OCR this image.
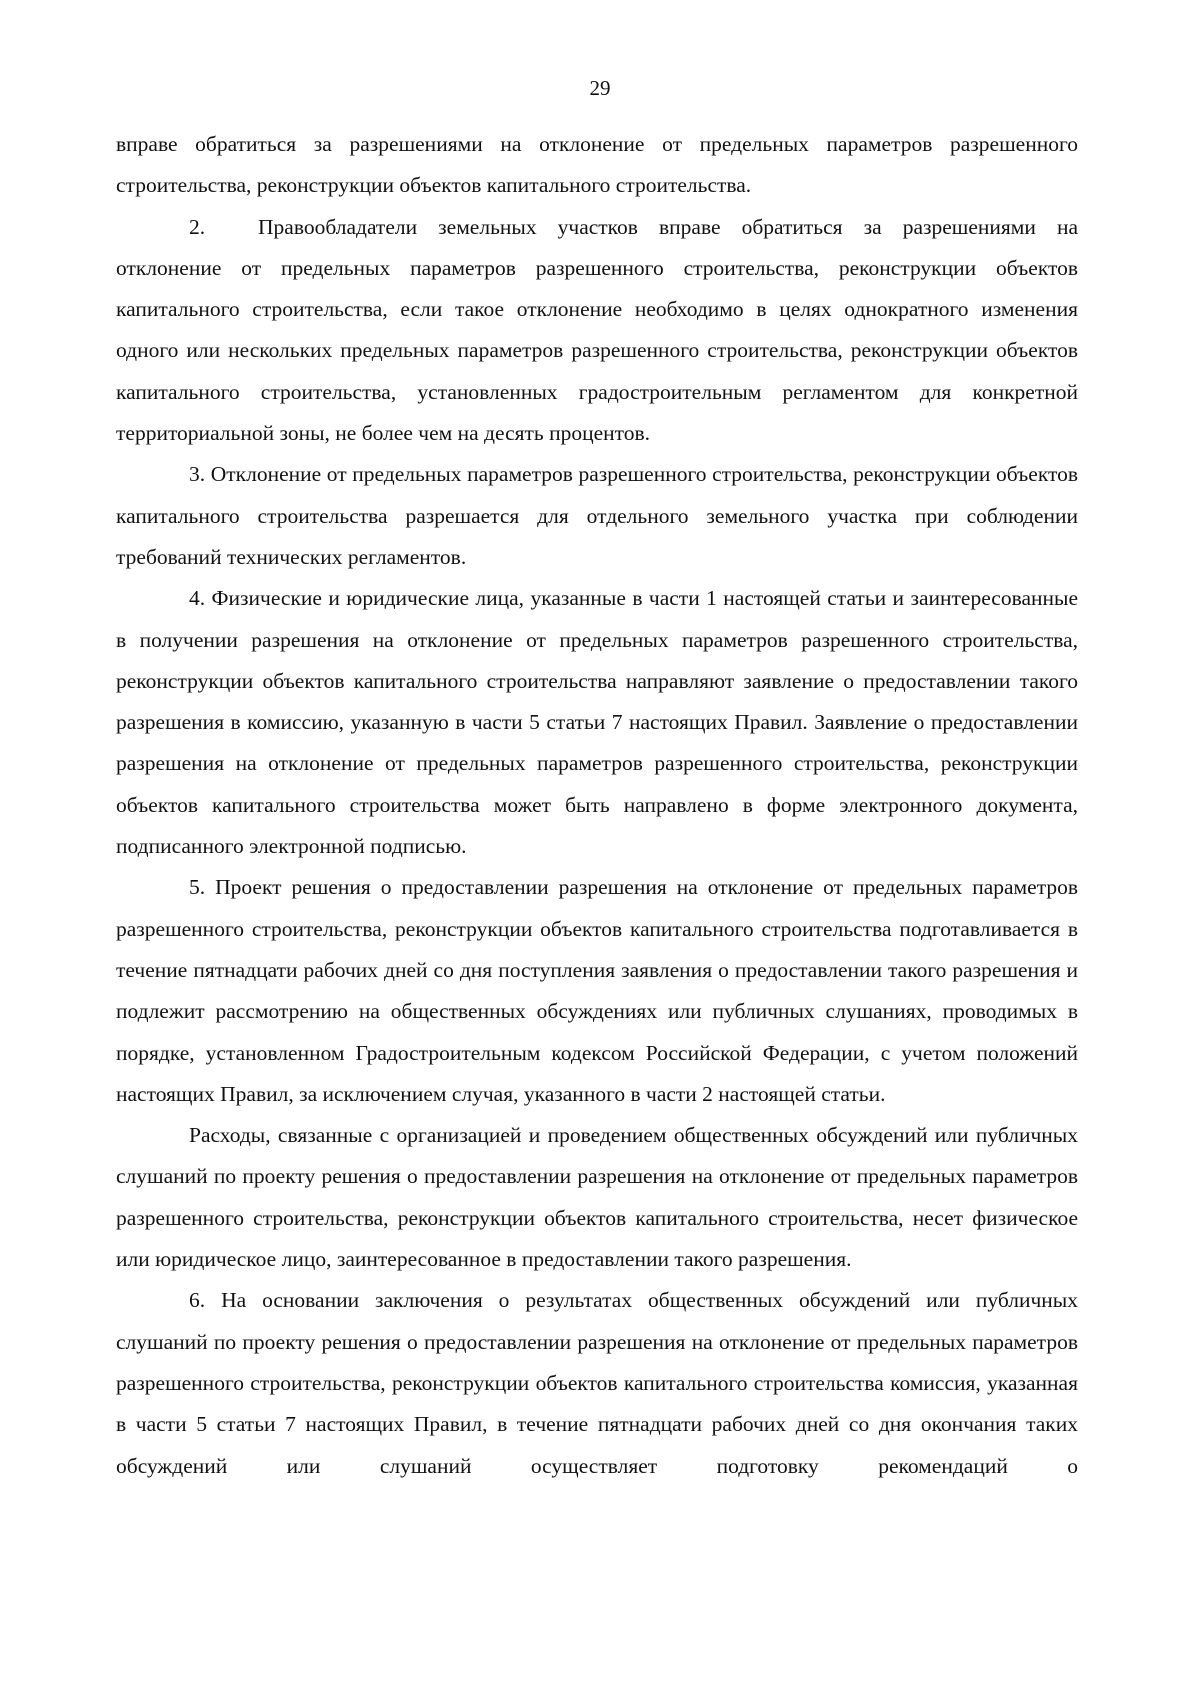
29

вправе обратиться за разрешениями на отклонение от предельных параметров разрешенного строительства, реконструкции объектов капитального строительства.

2. Правообладатели земельных участков вправе обратиться за разрешениями на отклонение от предельных параметров разрешенного строительства, реконструкции объектов капитального строительства, если такое отклонение необходимо в целях однократного изменения одного или нескольких предельных параметров разрешенного строительства, реконструкции объектов капитального строительства, установленных градостроительным регламентом для конкретной территориальной зоны, не более чем на десять процентов.

3. Отклонение от предельных параметров разрешенного строительства, реконструкции объектов капитального строительства разрешается для отдельного земельного участка при соблюдении требований технических регламентов.

4. Физические и юридические лица, указанные в части 1 настоящей статьи и заинтересованные в получении разрешения на отклонение от предельных параметров разрешенного строительства, реконструкции объектов капитального строительства направляют заявление о предоставлении такого разрешения в комиссию, указанную в части 5 статьи 7 настоящих Правил. Заявление о предоставлении разрешения на отклонение от предельных параметров разрешенного строительства, реконструкции объектов капитального строительства может быть направлено в форме электронного документа, подписанного электронной подписью.

5. Проект решения о предоставлении разрешения на отклонение от предельных параметров разрешенного строительства, реконструкции объектов капитального строительства подготавливается в течение пятнадцати рабочих дней со дня поступления заявления о предоставлении такого разрешения и подлежит рассмотрению на общественных обсуждениях или публичных слушаниях, проводимых в порядке, установленном Градостроительным кодексом Российской Федерации, с учетом положений настоящих Правил, за исключением случая, указанного в части 2 настоящей статьи.

Расходы, связанные с организацией и проведением общественных обсуждений или публичных слушаний по проекту решения о предоставлении разрешения на отклонение от предельных параметров разрешенного строительства, реконструкции объектов капитального строительства, несет физическое или юридическое лицо, заинтересованное в предоставлении такого разрешения.

6. На основании заключения о результатах общественных обсуждений или публичных слушаний по проекту решения о предоставлении разрешения на отклонение от предельных параметров разрешенного строительства, реконструкции объектов капитального строительства комиссия, указанная в части 5 статьи 7 настоящих Правил, в течение пятнадцати рабочих дней со дня окончания таких обсуждений или слушаний осуществляет подготовку рекомендаций о
